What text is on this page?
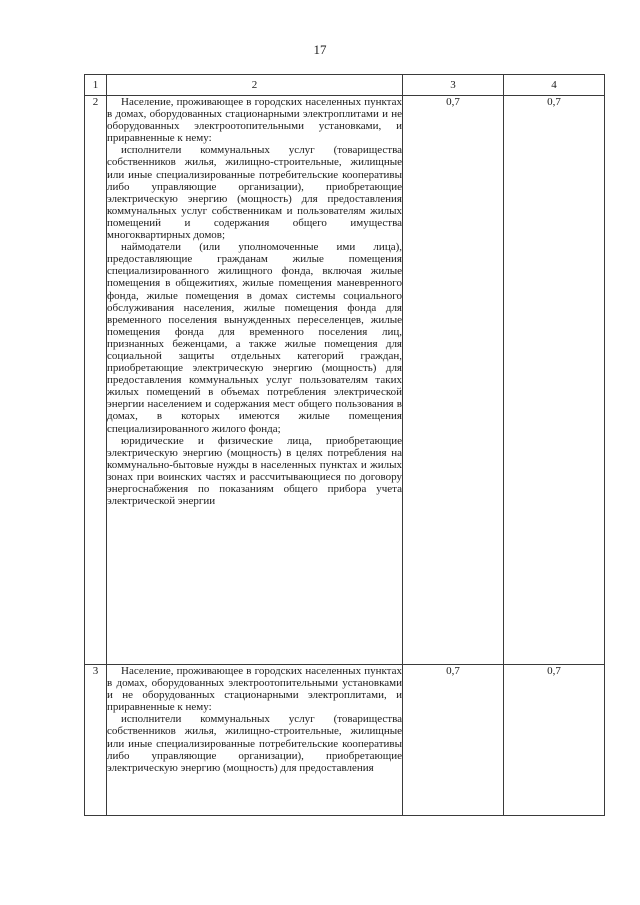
17
1	2	3	4
2	Население, проживающее в городских населенных пунктах в домах, оборудованных стационарными электроплитами и не оборудованных электроотопительными установками, и приравненные к нему:

исполнители коммунальных услуг (товарищества собственников жилья, жилищно-строительные, жилищные или иные специализированные потребительские кооперативы либо управляющие организации), приобретающие электрическую энергию (мощность) для предоставления коммунальных услуг собственникам и пользователям жилых помещений и содержания общего имущества многоквартирных домов;

наймодатели (или уполномоченные ими лица), предоставляющие гражданам жилые помещения специализированного жилищного фонда, включая жилые помещения в общежитиях, жилые помещения маневренного фонда, жилые помещения в домах системы социального обслуживания населения, жилые помещения фонда для временного поселения вынужденных переселенцев, жилые помещения фонда для временного поселения лиц, признанных беженцами, а также жилые помещения для социальной защиты отдельных категорий граждан, приобретающие электрическую энергию (мощность) для предоставления коммунальных услуг пользователям таких жилых помещений в объемах потребления электрической энергии населением и содержания мест общего пользования в домах, в которых имеются жилые помещения специализированного жилого фонда;

юридические и физические лица, приобретающие электрическую энергию (мощность) в целях потребления на коммунально-бытовые нужды в населенных пунктах и жилых зонах при воинских частях и рассчитывающиеся по договору энергоснабжения по показаниям общего прибора учета электрической энергии	0,7	0,7
3	Население, проживающее в городских населенных пунктах в домах, оборудованных электроотопительными установками и не оборудованных стационарными электроплитами, и приравненные к нему:

исполнители коммунальных услуг (товарищества собственников жилья, жилищно-строительные, жилищные или иные специализированные потребительские кооперативы либо управляющие организации), приобретающие электрическую энергию (мощность) для предоставления	0,7	0,7
